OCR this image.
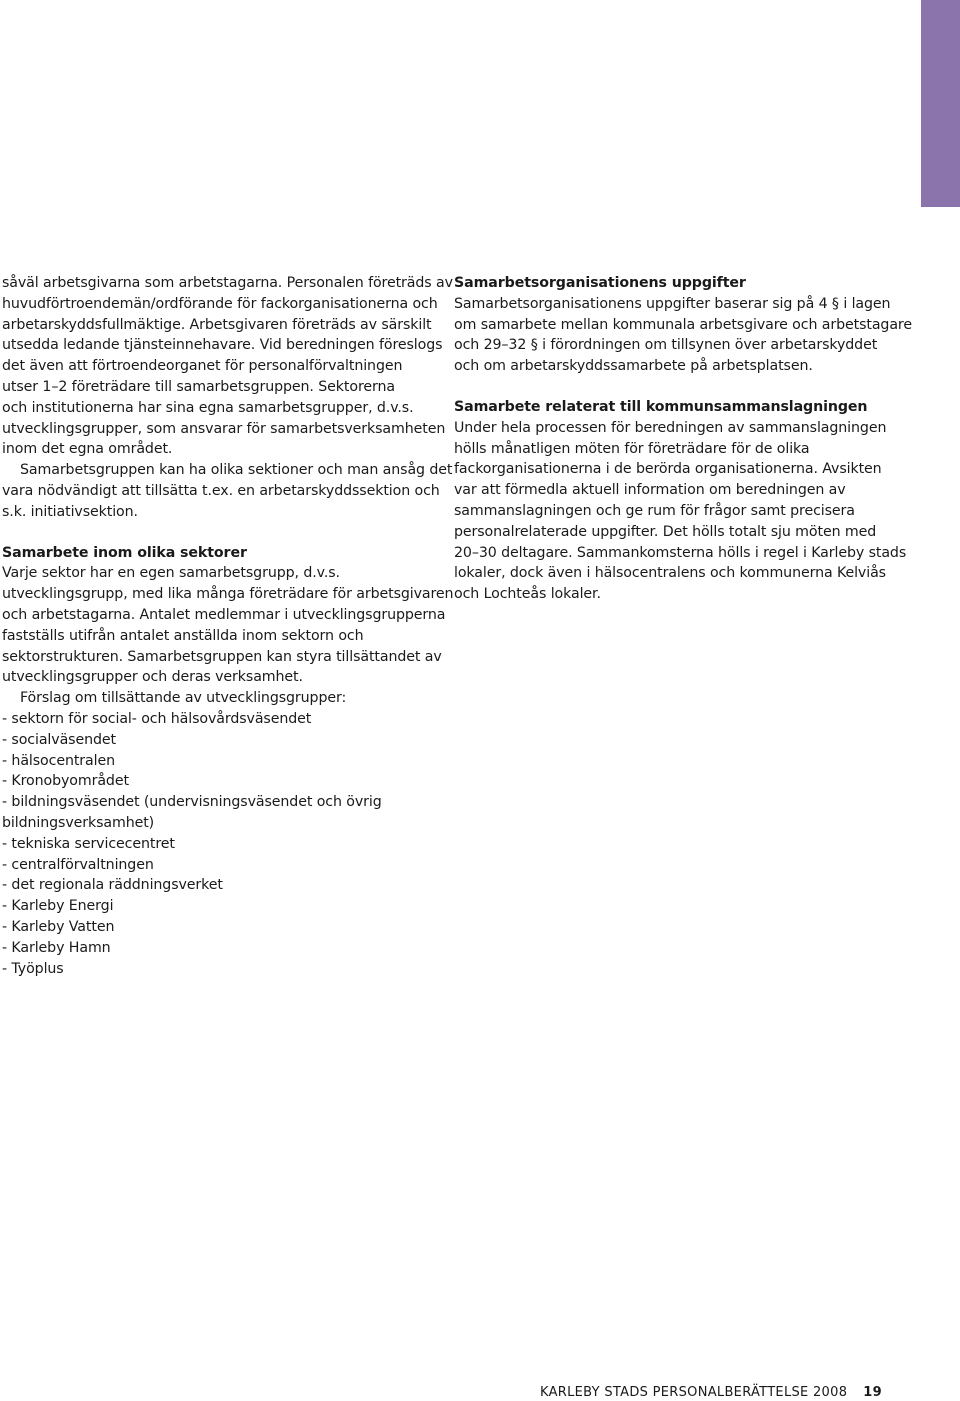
såväl arbetsgivarna som arbetstagarna. Personalen företräds av
huvudförtroendemän/ordförande för fackorganisationerna och
arbetarskyddsfullmäktige. Arbetsgivaren företräds av särskilt
utsedda ledande tjänsteinnehavare. Vid beredningen föreslogs
det även att förtroendeorganet för personalförvaltningen
utser 1–2 företrädare till samarbetsgruppen. Sektorerna
och institutionerna har sina egna samarbetsgrupper, d.v.s.
utvecklingsgrupper, som ansvarar för samarbetsverksamheten
inom det egna området.
Samarbetsgruppen kan ha olika sektioner och man ansåg det
vara nödvändigt att tillsätta t.ex. en arbetarskyddssektion och
s.k. initiativsektion.
Samarbete inom olika sektorer
Varje sektor har en egen samarbetsgrupp, d.v.s.
utvecklingsgrupp, med lika många företrädare för arbetsgivaren
och arbetstagarna. Antalet medlemmar i utvecklingsgrupperna
fastställs utifrån antalet anställda inom sektorn och
sektorstrukturen. Samarbetsgruppen kan styra tillsättandet av
utvecklingsgrupper och deras verksamhet.
Förslag om tillsättande av utvecklingsgrupper:
- sektorn för social- och hälsovårdsväsendet
- socialväsendet
- hälsocentralen
- Kronobyområdet
- bildningsväsendet (undervisningsväsendet och övrig
bildningsverksamhet)
- tekniska servicecentret
- centralförvaltningen
- det regionala räddningsverket
- Karleby Energi
- Karleby Vatten
- Karleby Hamn
- Työplus
Samarbetsorganisationens uppgifter
Samarbetsorganisationens uppgifter baserar sig på 4 § i lagen
om samarbete mellan kommunala arbetsgivare och arbetstagare
och 29–32 § i förordningen om tillsynen över arbetarskyddet
och om arbetarskyddssamarbete på arbetsplatsen.
Samarbete relaterat till kommunsammanslagningen
Under hela processen för beredningen av sammanslagningen
hölls månatligen möten för företrädare för de olika
fackorganisationerna i de berörda organisationerna. Avsikten
var att förmedla aktuell information om beredningen av
sammanslagningen och ge rum för frågor samt precisera
personalrelaterade uppgifter. Det hölls totalt sju möten med
20–30 deltagare. Sammankomsterna hölls i regel i Karleby stads
lokaler, dock även i hälsocentralens och kommunerna Kelviås
och Lochteås lokaler.
KARLEBY STADS PERSONALBERÄTTELSE 2008 19
